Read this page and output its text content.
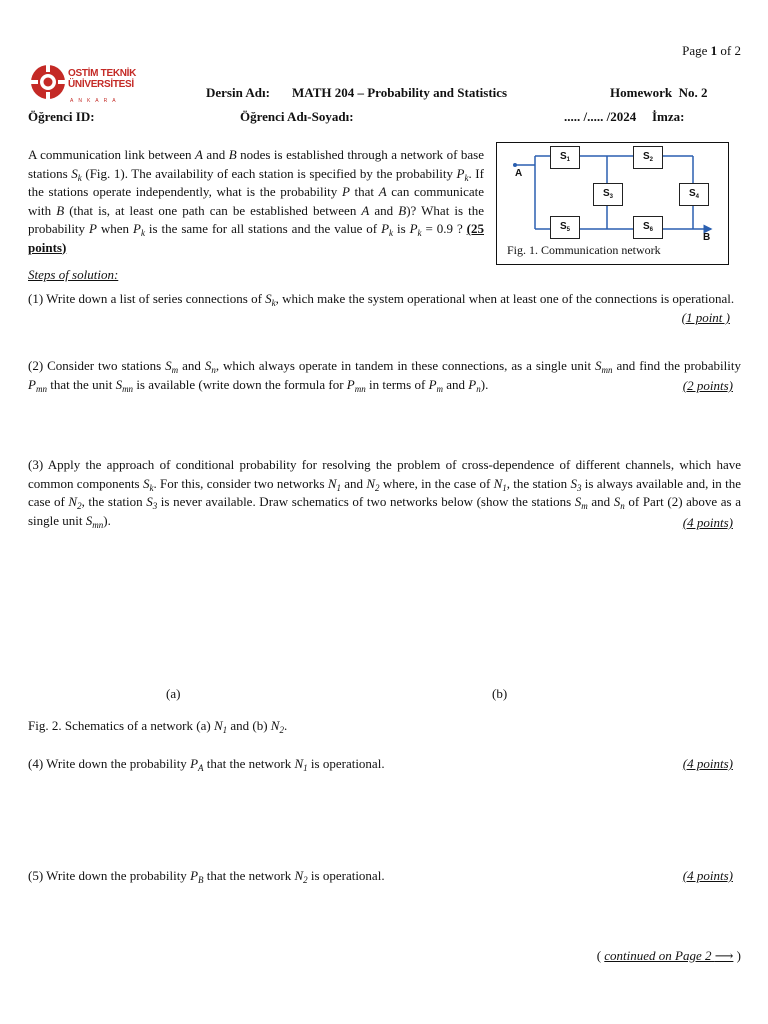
Page 1 of 2
OSTİM TEKNİK
ÜNİVERSİTESİ
ANKARA
Dersin Adı: MATH 204 – Probability and Statistics	Homework No. 2
Öğrenci ID:	Öğrenci Adı-Soyadı:	..... /..... /2024 İmza:
A communication link between A and B nodes is established through a network of base stations $S_k$ (Fig. 1). The availability of each station is specified by the probability $P_k$. If the stations operate independently, what is the probability P that A can communicate with B (that is, at least one path can be established between A and B)? What is the probability P when $P_k$ is the same for all stations and the value of $P_k$ is $P_k = 0.9$ ? (25 points)
A
B
$S_1$	$S_2$
$S_3$	$S_4$
$S_5$	$S_6$
Fig. 1. Communication network
Steps of solution:
(1) Write down a list of series connections of $S_k$, which make the system operational when at least one of the connections is operational.
(1 point )
(2) Consider two stations $S_m$ and $S_n$, which always operate in tandem in these connections, as a single unit $S_{mn}$ and find the probability $P_{mn}$ that the unit $S_{mn}$ is available (write down the formula for $P_{mn}$ in terms of $P_m$ and $P_n$).	(2 points)
(3) Apply the approach of conditional probability for resolving the problem of cross-dependence of different channels, which have common components $S_k$. For this, consider two networks $N_1$ and $N_2$ where, in the case of $N_1$, the station $S_3$ is always available and, in the case of $N_2$, the station $S_3$ is never available. Draw schematics of two networks below (show the stations $S_m$ and $S_n$ of Part (2) above as a single unit $S_{mn}$).	(4 points)
(a)	(b)
Fig. 2. Schematics of a network (a) $N_1$ and (b) $N_2$.
(4) Write down the probability $P_A$ that the network $N_1$ is operational.	(4 points)
(5) Write down the probability $P_B$ that the network $N_2$ is operational.	(4 points)
( continued on Page 2 ⟶ )
